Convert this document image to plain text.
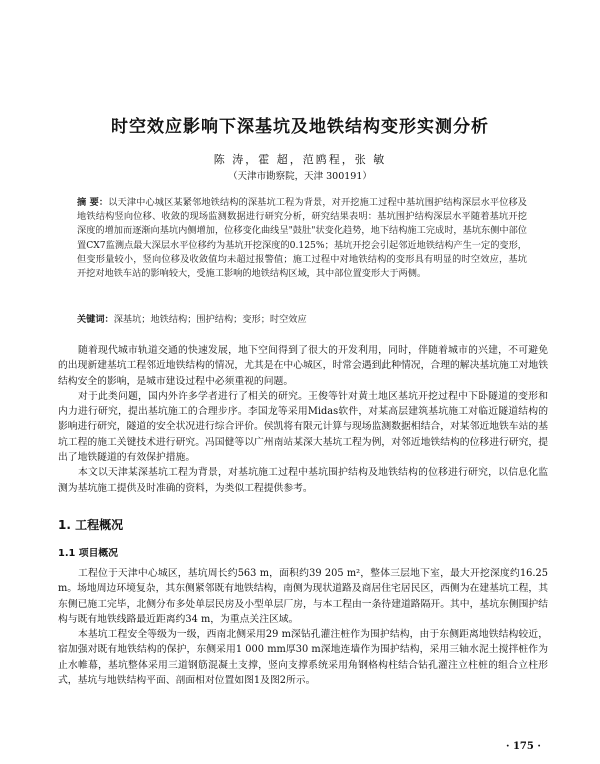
时空效应影响下深基坑及地铁结构变形实测分析
陈 涛，霍 超，范鸥程，张 敏
（天津市勘察院，天津 300191）
摘 要：以天津中心城区某紧邻地铁结构的深基坑工程为背景，对开挖施工过程中基坑围护结构深层水平位移及地铁结构竖向位移、收敛的现场监测数据进行研究分析，研究结果表明：基坑围护结构深层水平随着基坑开挖深度的增加而逐渐向基坑内侧增加，位移变化曲线呈"鼓肚"状变化趋势，地下结构施工完成时，基坑东侧中部位置CX7监测点最大深层水平位移约为基坑开挖深度的0.125%；基坑开挖会引起邻近地铁结构产生一定的变形，但变形量较小，竖向位移及收敛值均未超过报警值；施工过程中对地铁结构的变形具有明显的时空效应，基坑开挖对地铁车站的影响较大，受施工影响的地铁结构区域，其中部位置变形大于两侧。
关键词：深基坑；地铁结构；围护结构；变形；时空效应

随着现代城市轨道交通的快速发展，地下空间得到了很大的开发利用，同时，伴随着城市的兴建，不可避免的出现新建基坑工程邻近地铁结构的情况，尤其是在中心城区，时常会遇到此种情况，合理的解决基坑施工对地铁结构安全的影响，是城市建设过程中必须重视的问题。

对于此类问题，国内外许多学者进行了相关的研究。王俊等针对黄土地区基坑开挖过程中下卧隧道的变形和内力进行研究，提出基坑施工的合理步序。李国龙等采用Midas软件，对某高层建筑基坑施工对临近隧道结构的影响进行研究，隧道的安全状况进行综合评价。侯凯将有限元计算与现场监测数据相结合，对某邻近地铁车站的基坑工程的施工关键技术进行研究。冯国健等以广州南站某深大基坑工程为例，对邻近地铁结构的位移进行研究，提出了地铁隧道的有效保护措施。

本文以天津某深基坑工程为背景，对基坑施工过程中基坑围护结构及地铁结构的位移进行研究，以信息化监测为基坑施工提供及时准确的资料，为类似工程提供参考。

1. 工程概况
1.1 项目概况

工程位于天津中心城区，基坑周长约563 m，面积约39 205 m²，整体三层地下室，最大开挖深度约16.25 m。场地周边环境复杂，其东侧紧邻既有地铁结构，南侧为现状道路及商居住宅居民区，西侧为在建基坑工程，其东侧已施工完毕，北侧分布多处单层民房及小型单层厂房，与本工程由一条待建道路隔开。其中，基坑东侧围护结构与既有地铁线路最近距离约34 m，为重点关注区域。

本基坑工程安全等级为一级，西南北侧采用29 m深钻孔灌注桩作为围护结构，由于东侧距离地铁结构较近，宿加强对既有地铁结构的保护，东侧采用1 000 mm厚30 m深地连墙作为围护结构，采用三轴水泥土搅拌桩作为止水帷幕，基坑整体采用三道钢筋混凝土支撑，竖向支撑系统采用角钢格构柱结合钻孔灌注立柱桩的组合立柱形式，基坑与地铁结构平面、剖面相对位置如图1及图2所示。

· 175 ·
